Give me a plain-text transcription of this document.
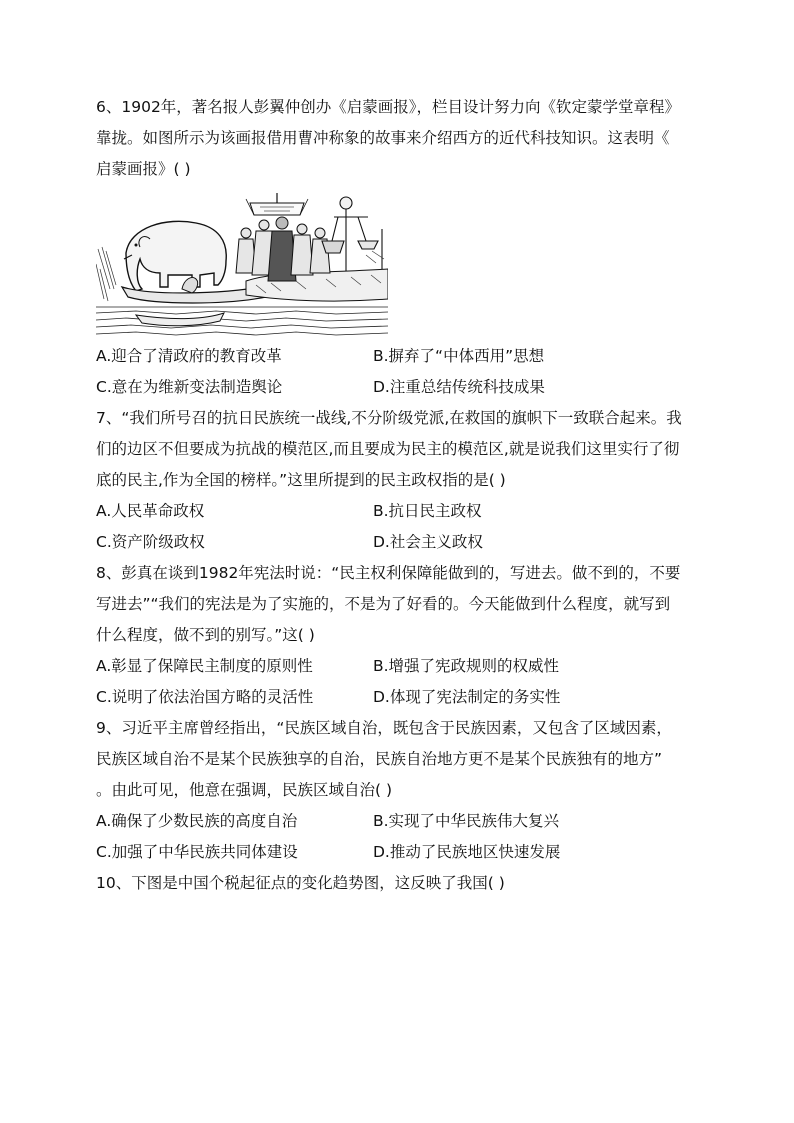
6、1902年，著名报人彭翼仲创办《启蒙画报》，栏目设计努力向《钦定蒙学堂章程》
靠拢。如图所示为该画报借用曹冲称象的故事来介绍西方的近代科技知识。这表明《
启蒙画报》( )
A.迎合了清政府的教育改革	B.摒弃了“中体西用”思想
C.意在为维新变法制造舆论	D.注重总结传统科技成果
7、“我们所号召的抗日民族统一战线,不分阶级党派,在救国的旗帜下一致联合起来。我
们的边区不但要成为抗战的模范区,而且要成为民主的模范区,就是说我们这里实行了彻
底的民主,作为全国的榜样。”这里所提到的民主政权指的是( )
A.人民革命政权	B.抗日民主政权
C.资产阶级政权	D.社会主义政权
8、彭真在谈到1982年宪法时说：“民主权利保障能做到的，写进去。做不到的，不要
写进去”“我们的宪法是为了实施的，不是为了好看的。今天能做到什么程度，就写到
什么程度，做不到的别写。”这( )
A.彰显了保障民主制度的原则性	B.增强了宪政规则的权威性
C.说明了依法治国方略的灵活性	D.体现了宪法制定的务实性
9、习近平主席曾经指出，“民族区域自治，既包含于民族因素，又包含了区域因素，
民族区域自治不是某个民族独享的自治，民族自治地方更不是某个民族独有的地方”
。由此可见，他意在强调，民族区域自治( )
A.确保了少数民族的高度自治	B.实现了中华民族伟大复兴
C.加强了中华民族共同体建设	D.推动了民族地区快速发展
10、下图是中国个税起征点的变化趋势图，这反映了我国( )
